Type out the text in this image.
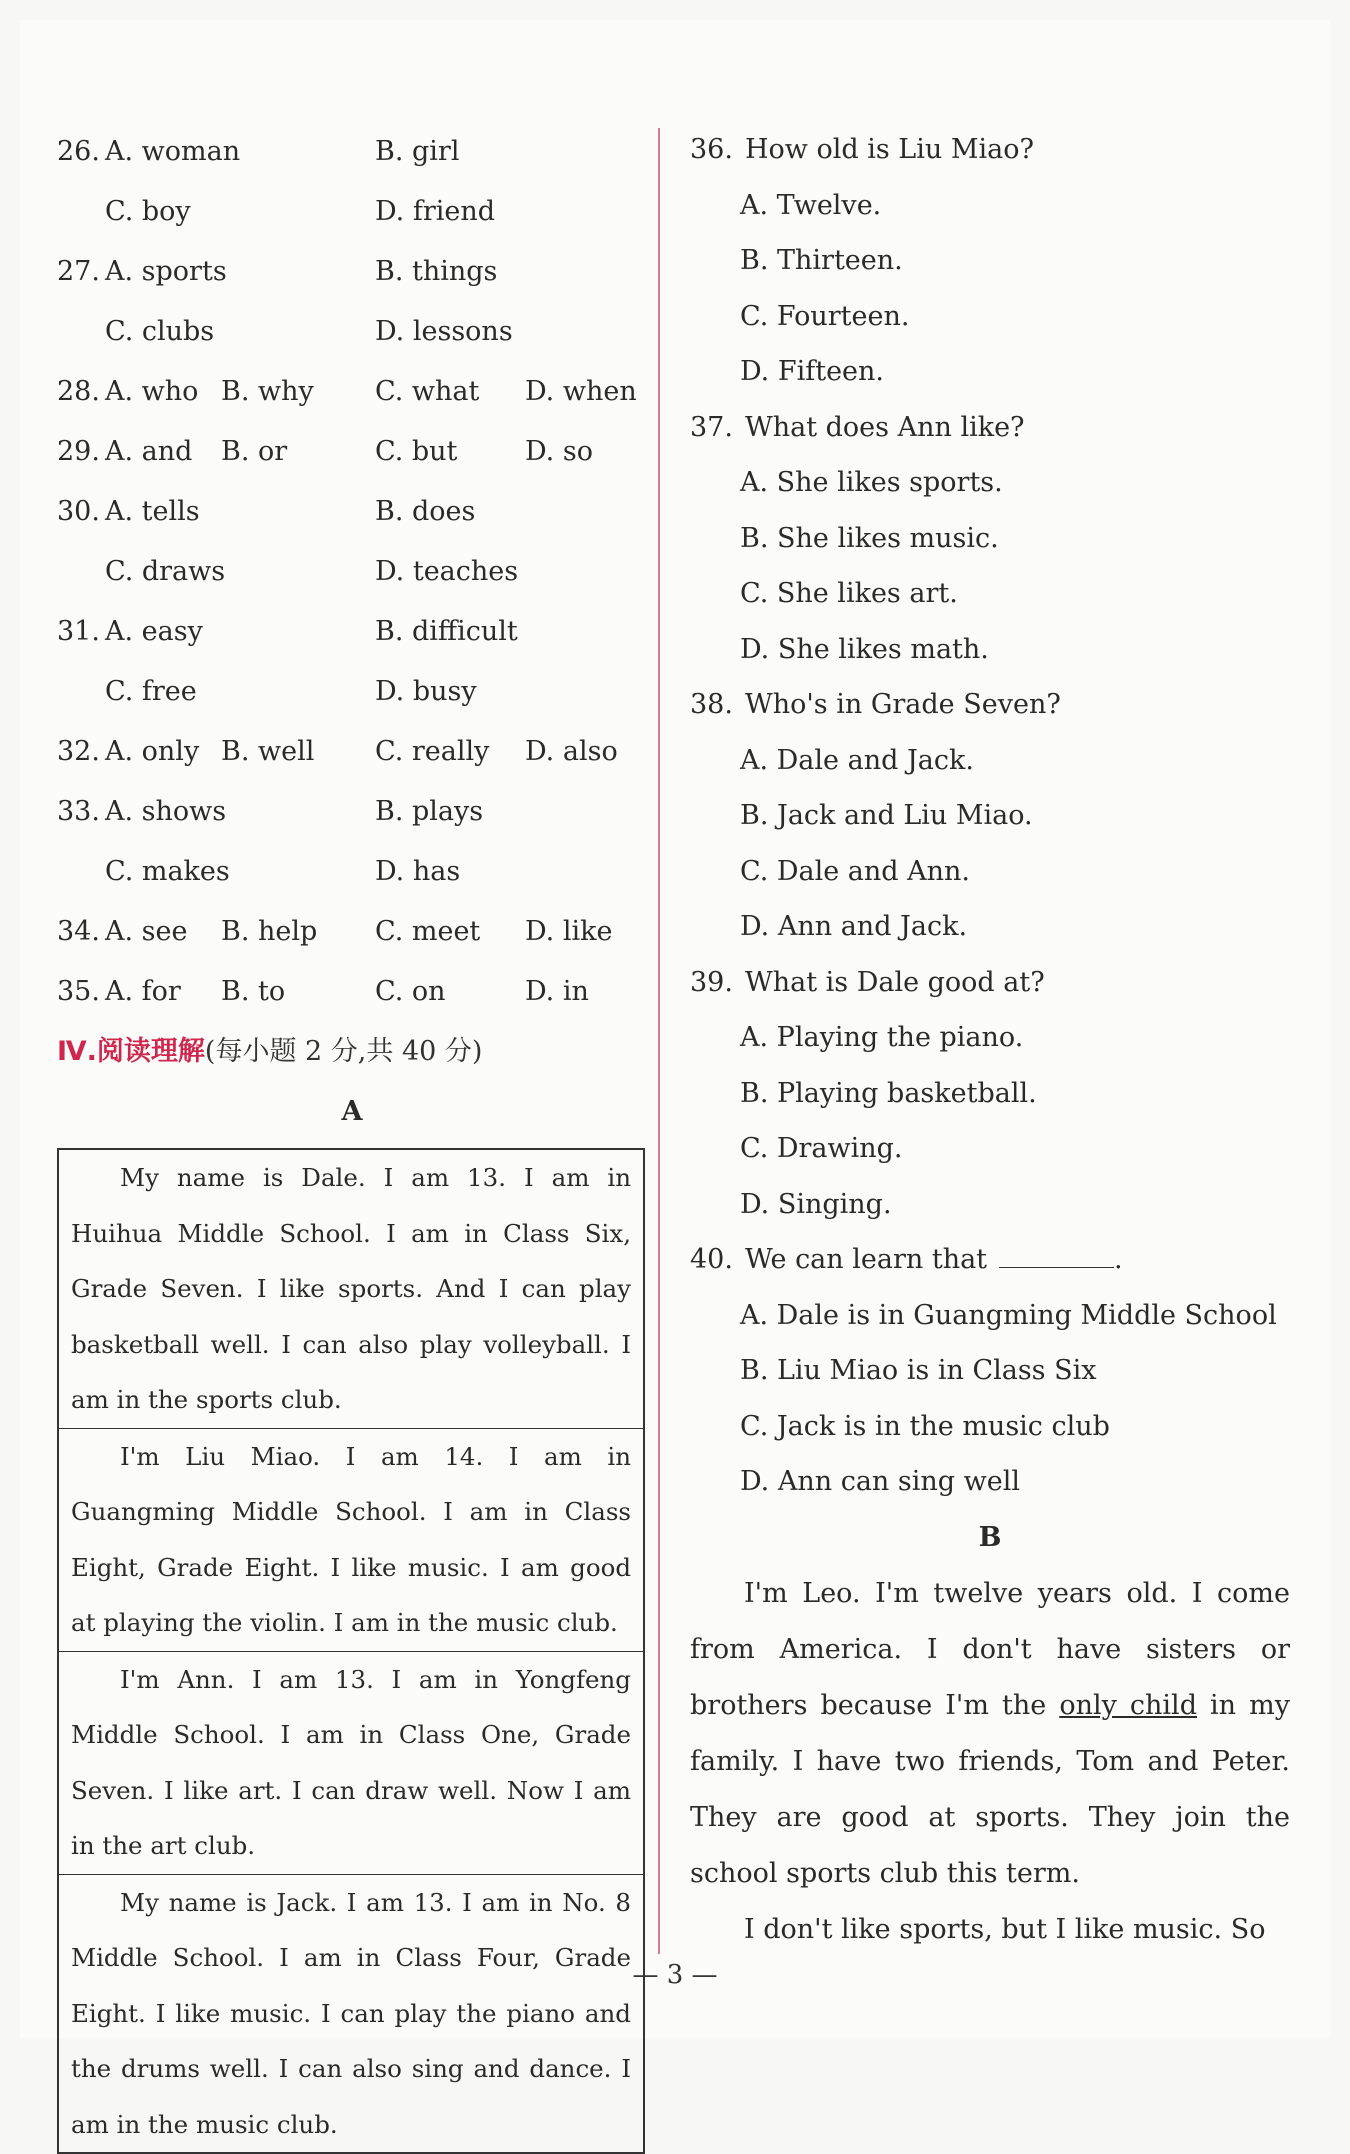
26. A. woman	B. girl
C. boy	D. friend
27. A. sports	B. things
C. clubs	D. lessons
28. A. who B. why C. what D. when
29. A. and B. or	C. but	D. so
30. A. tells	B. does
C. draws	D. teaches
31. A. easy	B. difficult
C. free	D. busy
32. A. only B. well C. really D. also
33. A. shows	B. plays
C. makes	D. has
34. A. see B. help C. meet D. like
35. A. for B. to	C. on	D. in
Ⅳ.阅读理解(每小题 2 分,共 40 分)
A

My name is Dale. I am 13. I am in Huihua Middle School. I am in Class Six, Grade Seven. I like sports. And I can play basketball well. I can also play volleyball. I am in the sports club.

I'm Liu Miao. I am 14. I am in Guangming Middle School. I am in Class Eight, Grade Eight. I like music. I am good at playing the violin. I am in the music club.

I'm Ann. I am 13. I am in Yongfeng Middle School. I am in Class One, Grade Seven. I like art. I can draw well. Now I am in the art club.

My name is Jack. I am 13. I am in No. 8 Middle School. I am in Class Four, Grade Eight. I like music. I can play the piano and the drums well. I can also sing and dance. I am in the music club.

36. How old is Liu Miao?
A. Twelve.
B. Thirteen.
C. Fourteen.
D. Fifteen.
37. What does Ann like?
A. She likes sports.
B. She likes music.
C. She likes art.
D. She likes math.
38. Who's in Grade Seven?
A. Dale and Jack.
B. Jack and Liu Miao.
C. Dale and Ann.
D. Ann and Jack.
39. What is Dale good at?
A. Playing the piano.
B. Playing basketball.
C. Drawing.
D. Singing.
40. We can learn that	.
A. Dale is in Guangming Middle School
B. Liu Miao is in Class Six
C. Jack is in the music club
D. Ann can sing well
B

I'm Leo. I'm twelve years old. I come from America. I don't have sisters or brothers because I'm the only child in my family. I have two friends, Tom and Peter. They are good at sports. They join the school sports club this term.

I don't like sports, but I like music. So

— 3 —
